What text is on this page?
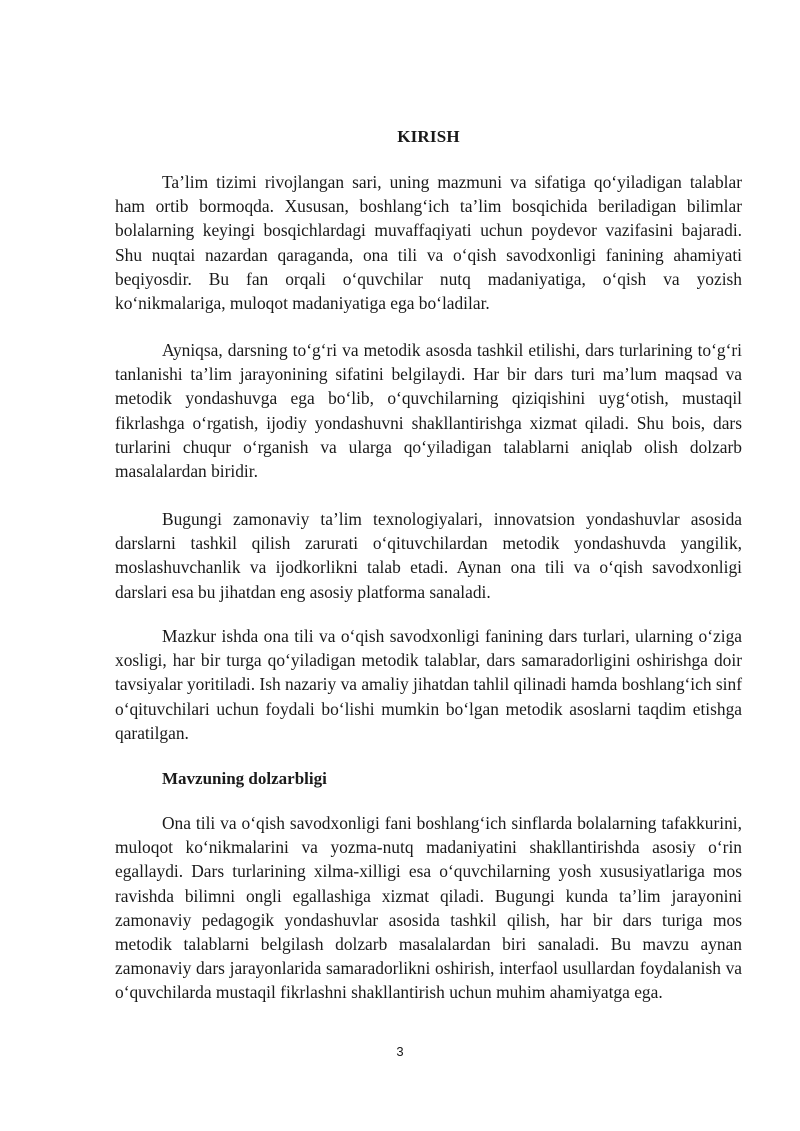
KIRISH

Ta’lim tizimi rivojlangan sari, uning mazmuni va sifatiga qo‘yiladigan talablar ham ortib bormoqda. Xususan, boshlang‘ich ta’lim bosqichida beriladigan bilimlar bolalarning keyingi bosqichlardagi muvaffaqiyati uchun poydevor vazifasini bajaradi. Shu nuqtai nazardan qaraganda, ona tili va o‘qish savodxonligi fanining ahamiyati beqiyosdir. Bu fan orqali o‘quvchilar nutq madaniyatiga, o‘qish va yozish ko‘nikmalariga, muloqot madaniyatiga ega bo‘ladilar.

Ayniqsa, darsning to‘g‘ri va metodik asosda tashkil etilishi, dars turlarining to‘g‘ri tanlanishi ta’lim jarayonining sifatini belgilaydi. Har bir dars turi ma’lum maqsad va metodik yondashuvga ega bo‘lib, o‘quvchilarning qiziqishini uyg‘otish, mustaqil fikrlashga o‘rgatish, ijodiy yondashuvni shakllantirishga xizmat qiladi. Shu bois, dars turlarini chuqur o‘rganish va ularga qo‘yiladigan talablarni aniqlab olish dolzarb masalalardan biridir.

Bugungi zamonaviy ta’lim texnologiyalari, innovatsion yondashuvlar asosida darslarni tashkil qilish zarurati o‘qituvchilardan metodik yondashuvda yangilik, moslashuvchanlik va ijodkorlikni talab etadi. Aynan ona tili va o‘qish savodxonligi darslari esa bu jihatdan eng asosiy platforma sanaladi.

Mazkur ishda ona tili va o‘qish savodxonligi fanining dars turlari, ularning o‘ziga xosligi, har bir turga qo‘yiladigan metodik talablar, dars samaradorligini oshirishga doir tavsiyalar yoritiladi. Ish nazariy va amaliy jihatdan tahlil qilinadi hamda boshlang‘ich sinf o‘qituvchilari uchun foydali bo‘lishi mumkin bo‘lgan metodik asoslarni taqdim etishga qaratilgan.

Mavzuning dolzarbligi

Ona tili va o‘qish savodxonligi fani boshlang‘ich sinflarda bolalarning tafakkurini, muloqot ko‘nikmalarini va yozma-nutq madaniyatini shakllantirishda asosiy o‘rin egallaydi. Dars turlarining xilma-xilligi esa o‘quvchilarning yosh xususiyatlariga mos ravishda bilimni ongli egallashiga xizmat qiladi. Bugungi kunda ta’lim jarayonini zamonaviy pedagogik yondashuvlar asosida tashkil qilish, har bir dars turiga mos metodik talablarni belgilash dolzarb masalalardan biri sanaladi. Bu mavzu aynan zamonaviy dars jarayonlarida samaradorlikni oshirish, interfaol usullardan foydalanish va o‘quvchilarda mustaqil fikrlashni shakllantirish uchun muhim ahamiyatga ega.

3
